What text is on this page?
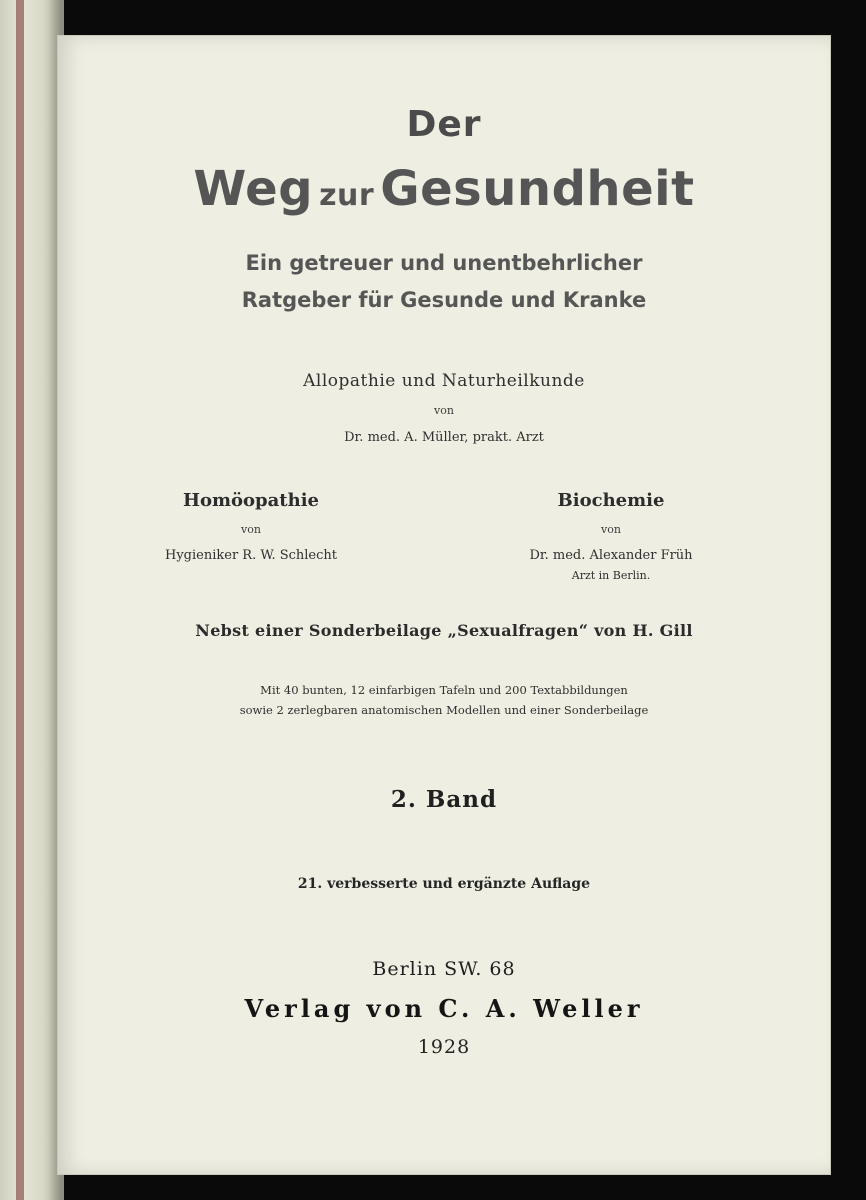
Der

Weg zur Gesundheit

Ein getreuer und unentbehrlicher

Ratgeber für Gesunde und Kranke

Allopathie und Naturheilkunde

von

Dr. med. A. Müller, prakt. Arzt

Homöopathie
von
Hygieniker R. W. Schlecht
Biochemie
von
Dr. med. Alexander Früh
Arzt in Berlin.

Nebst einer Sonderbeilage „Sexualfragen“ von H. Gill

Mit 40 bunten, 12 einfarbigen Tafeln und 200 Textabbildungen

sowie 2 zerlegbaren anatomischen Modellen und einer Sonderbeilage

2. Band

21. verbesserte und ergänzte Auflage

Berlin SW. 68

Verlag von C. A. Weller

1928
